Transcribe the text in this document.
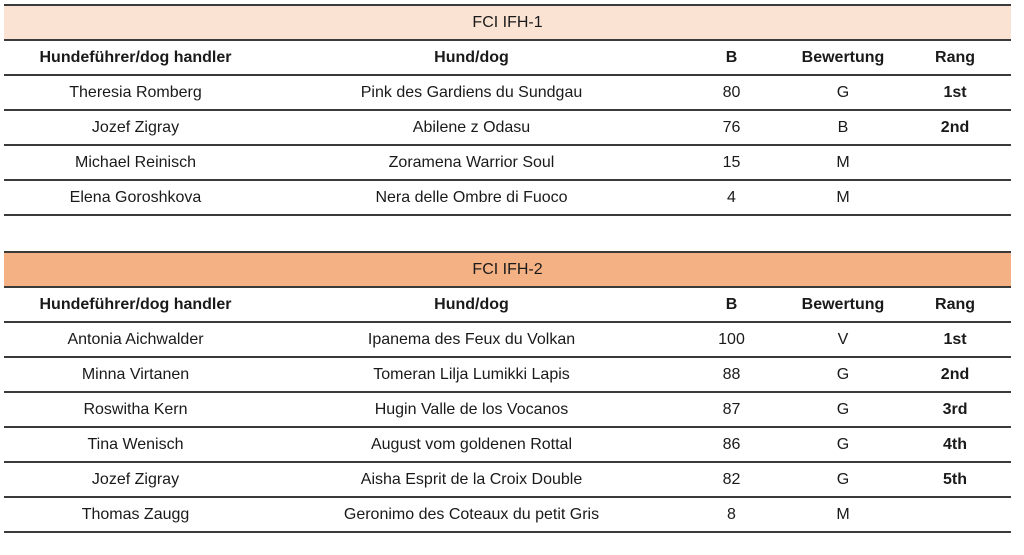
FCI IFH-1				
Hundeführer/dog handler	Hund/dog	B	Bewertung	Rang
Theresia Romberg	Pink des Gardiens du Sundgau	80	G	1st
Jozef Zigray	Abilene z Odasu	76	B	2nd
Michael Reinisch	Zoramena Warrior Soul	15	M	
Elena Goroshkova	Nera delle Ombre di Fuoco	4	M	
FCI IFH-2				
Hundeführer/dog handler	Hund/dog	B	Bewertung	Rang
Antonia Aichwalder	Ipanema des Feux du Volkan	100	V	1st
Minna Virtanen	Tomeran Lilja Lumikki Lapis	88	G	2nd
Roswitha Kern	Hugin Valle de los Vocanos	87	G	3rd
Tina Wenisch	August vom goldenen Rottal	86	G	4th
Jozef Zigray	Aisha Esprit de la Croix Double	82	G	5th
Thomas Zaugg	Geronimo des Coteaux du petit Gris	8	M	
